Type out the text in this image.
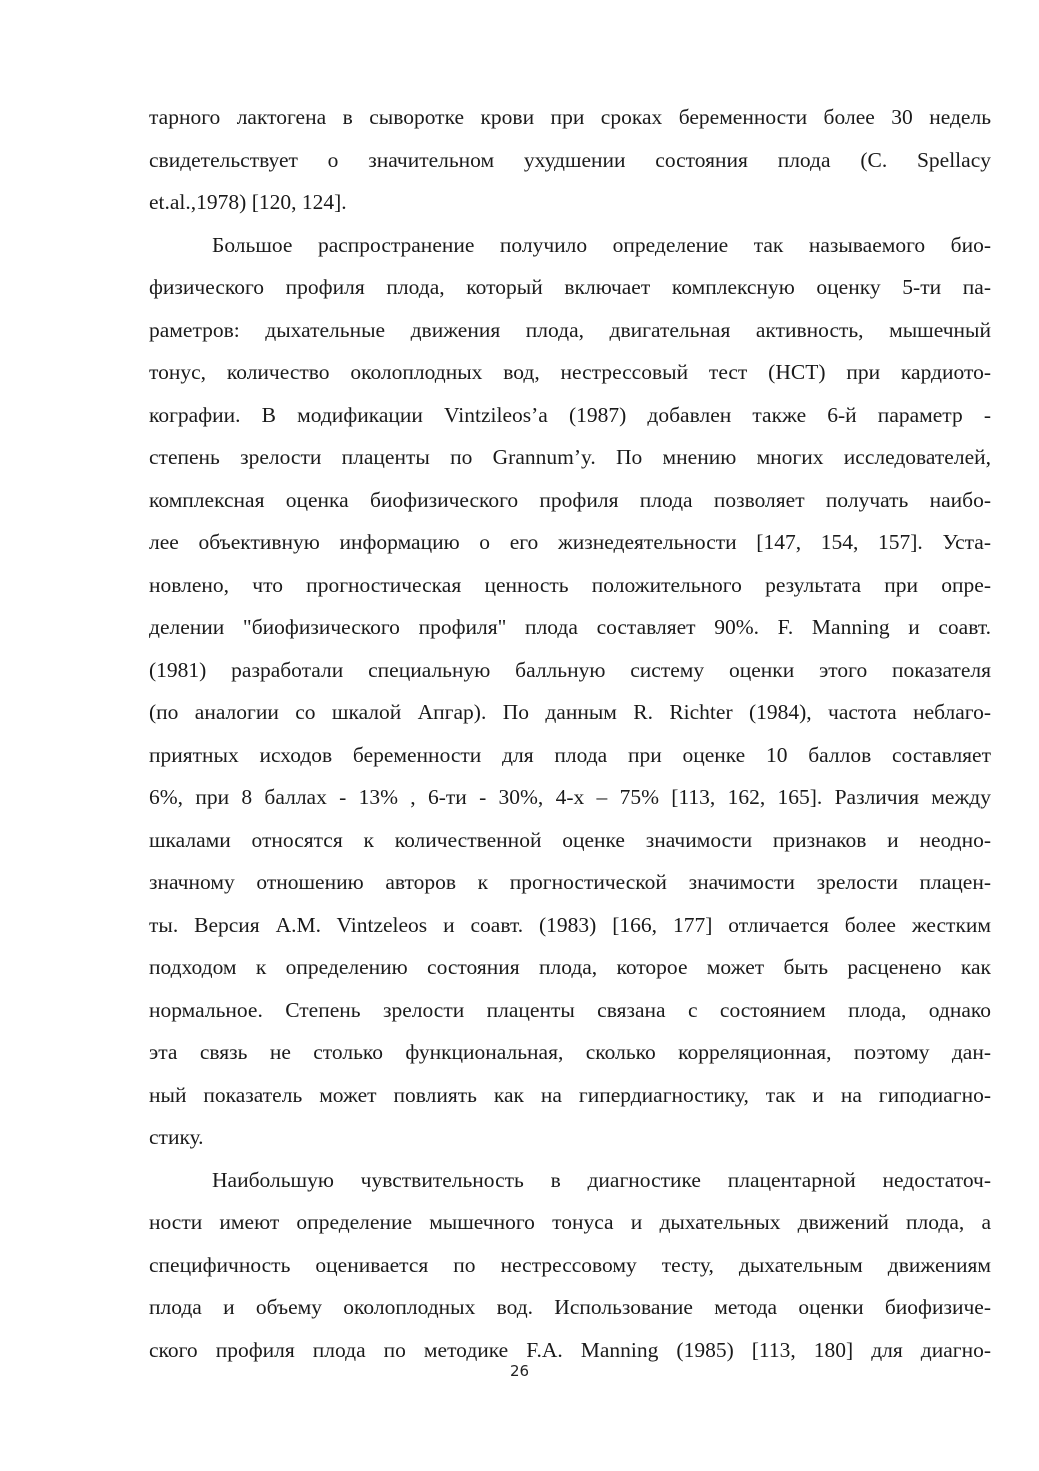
тарного лактогена в сыворотке крови при сроках беременности более 30 недель
свидетельствует о значительном ухудшении состояния плода (C. Spellacy
et.al.,1978) [120, 124].
Большое распространение получило определение так называемого био-
физического профиля плода, который включает комплексную оценку 5-ти па-
раметров: дыхательные движения плода, двигательная активность, мышечный
тонус, количество околоплодных вод, нестрессовый тест (НСТ) при кардиото-
кографии. В модификации Vintzileos’a (1987) добавлен также 6-й параметр -
степень зрелости плаценты по Grannum’y. По мнению многих исследователей,
комплексная оценка биофизического профиля плода позволяет получать наибо-
лее объективную информацию о его жизнедеятельности [147, 154, 157]. Уста-
новлено, что прогностическая ценность положительного результата при опре-
делении "биофизического профиля" плода составляет 90%. F. Manning и соавт.
(1981) разработали специальную балльную систему оценки этого показателя
(по аналогии со шкалой Апгар). По данным R. Richter (1984), частота неблаго-
приятных исходов беременности для плода при оценке 10 баллов составляет
6%, при 8 баллах - 13% , 6-ти - 30%, 4-х – 75% [113, 162, 165]. Различия между
шкалами относятся к количественной оценке значимости признаков и неодно-
значному отношению авторов к прогностической значимости зрелости плацен-
ты. Версия A.M. Vintzeleos и соавт. (1983) [166, 177] отличается более жестким
подходом к определению состояния плода, которое может быть расценено как
нормальное. Степень зрелости плаценты связана с состоянием плода, однако
эта связь не столько функциональная, сколько корреляционная, поэтому дан-
ный показатель может повлиять как на гипердиагностику, так и на гиподиагно-
стику.
Наибольшую чувствительность в диагностике плацентарной недостаточ-
ности имеют определение мышечного тонуса и дыхательных движений плода, а
специфичность оценивается по нестрессовому тесту, дыхательным движениям
плода и объему околоплодных вод. Использование метода оценки биофизиче-
ского профиля плода по методике F.A. Manning (1985) [113, 180] для диагно-
26
